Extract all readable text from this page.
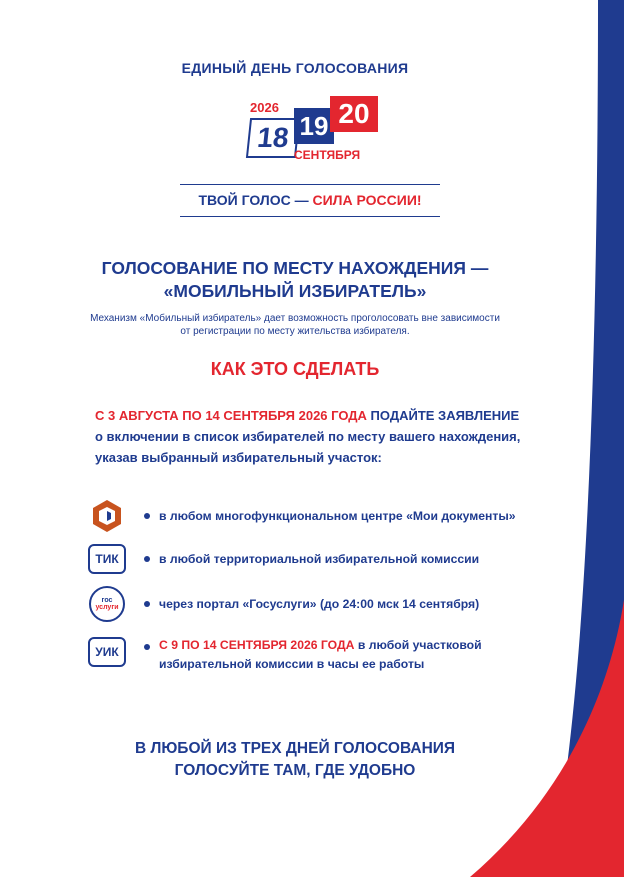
ЕДИНЫЙ ДЕНЬ ГОЛОСОВАНИЯ
2026
18 19 20
СЕНТЯБРЯ
ТВОЙ ГОЛОС — СИЛА РОССИИ!
ГОЛОСОВАНИЕ ПО МЕСТУ НАХОЖДЕНИЯ —
«МОБИЛЬНЫЙ ИЗБИРАТЕЛЬ»
Механизм «Мобильный избиратель» дает возможность проголосовать вне зависимости
от регистрации по месту жительства избирателя.
КАК ЭТО СДЕЛАТЬ
С 3 АВГУСТА ПО 14 СЕНТЯБРЯ 2026 ГОДА ПОДАЙТЕ ЗАЯВЛЕНИЕ
о включении в список избирателей по месту вашего нахождения,
указав выбранный избирательный участок:
в любом многофункциональном центре «Мои документы»
ТИК	в любой территориальной избирательной комиссии
гос
услуги	через портал «Госуслуги» (до 24:00 мск 14 сентября)
УИК	С 9 ПО 14 СЕНТЯБРЯ 2026 ГОДА в любой участковой
избирательной комиссии в часы ее работы
В ЛЮБОЙ ИЗ ТРЕХ ДНЕЙ ГОЛОСОВАНИЯ
ГОЛОСУЙТЕ ТАМ, ГДЕ УДОБНО
